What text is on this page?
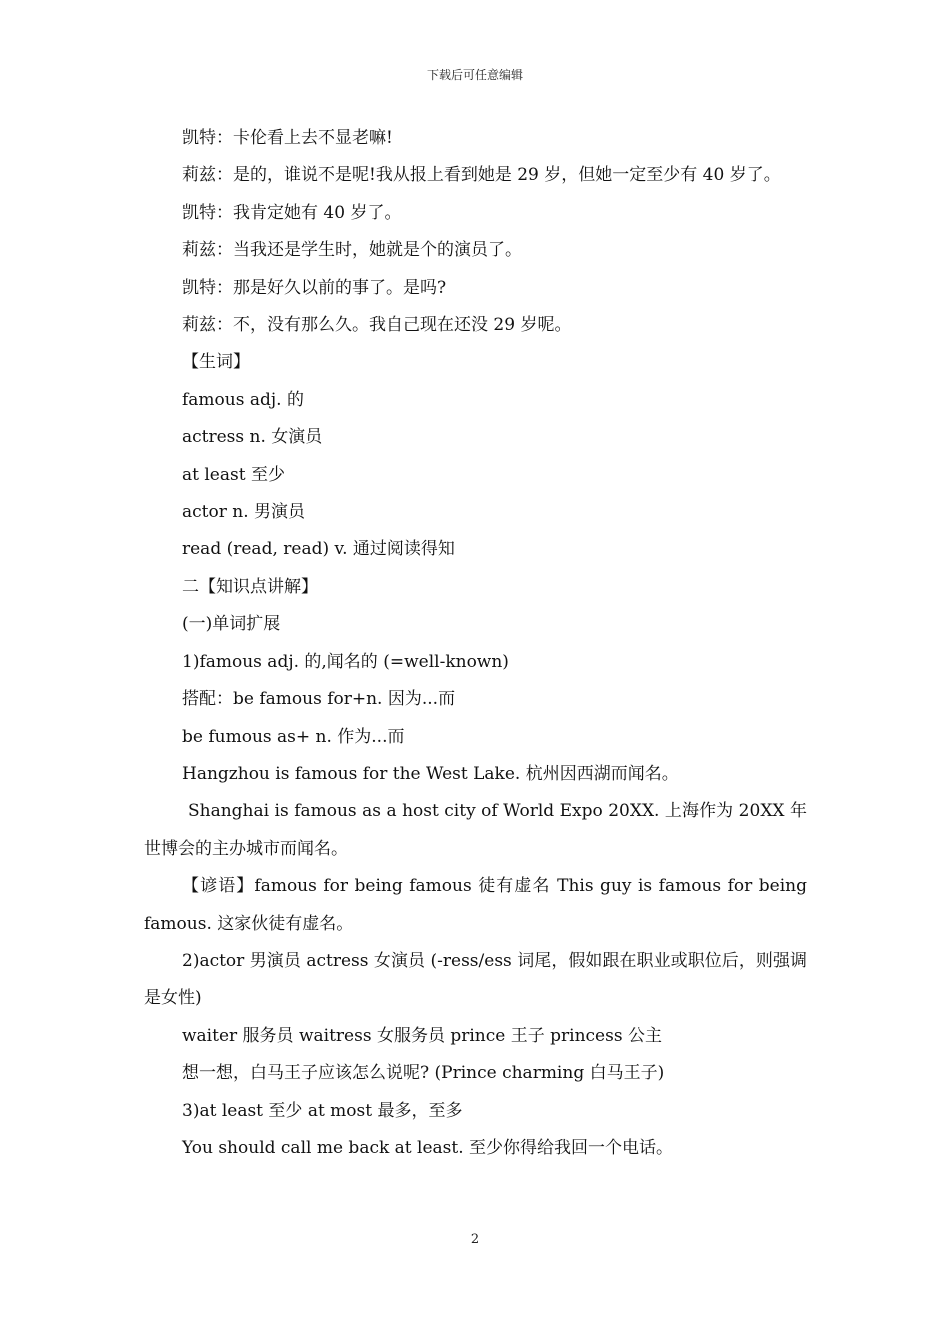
下载后可任意编辑

凯特：卡伦看上去不显老嘛!

莉兹：是的，谁说不是呢!我从报上看到她是 29 岁，但她一定至少有 40 岁了。

凯特：我肯定她有 40 岁了。

莉兹：当我还是学生时，她就是个的演员了。

凯特：那是好久以前的事了。是吗?

莉兹：不，没有那么久。我自己现在还没 29 岁呢。

【生词】

famous adj. 的

actress n. 女演员

at least 至少

actor n. 男演员

read (read, read) v. 通过阅读得知

二【知识点讲解】

(一)单词扩展

1)famous adj. 的,闻名的 (=well-known)

搭配：be famous for+n. 因为...而

be fumous as+ n. 作为...而

Hangzhou is famous for the West Lake. 杭州因西湖而闻名。

Shanghai is famous as a host city of World Expo 20XX. 上海作为 20XX 年世博会的主办城市而闻名。

【谚语】famous for being famous 徒有虚名 This guy is famous for being famous. 这家伙徒有虚名。

2)actor 男演员 actress 女演员 (-ress/ess 词尾，假如跟在职业或职位后，则强调是女性)

waiter 服务员 waitress 女服务员 prince 王子 princess 公主

想一想，白马王子应该怎么说呢? (Prince charming 白马王子)

3)at least 至少 at most 最多，至多

You should call me back at least. 至少你得给我回一个电话。

2
